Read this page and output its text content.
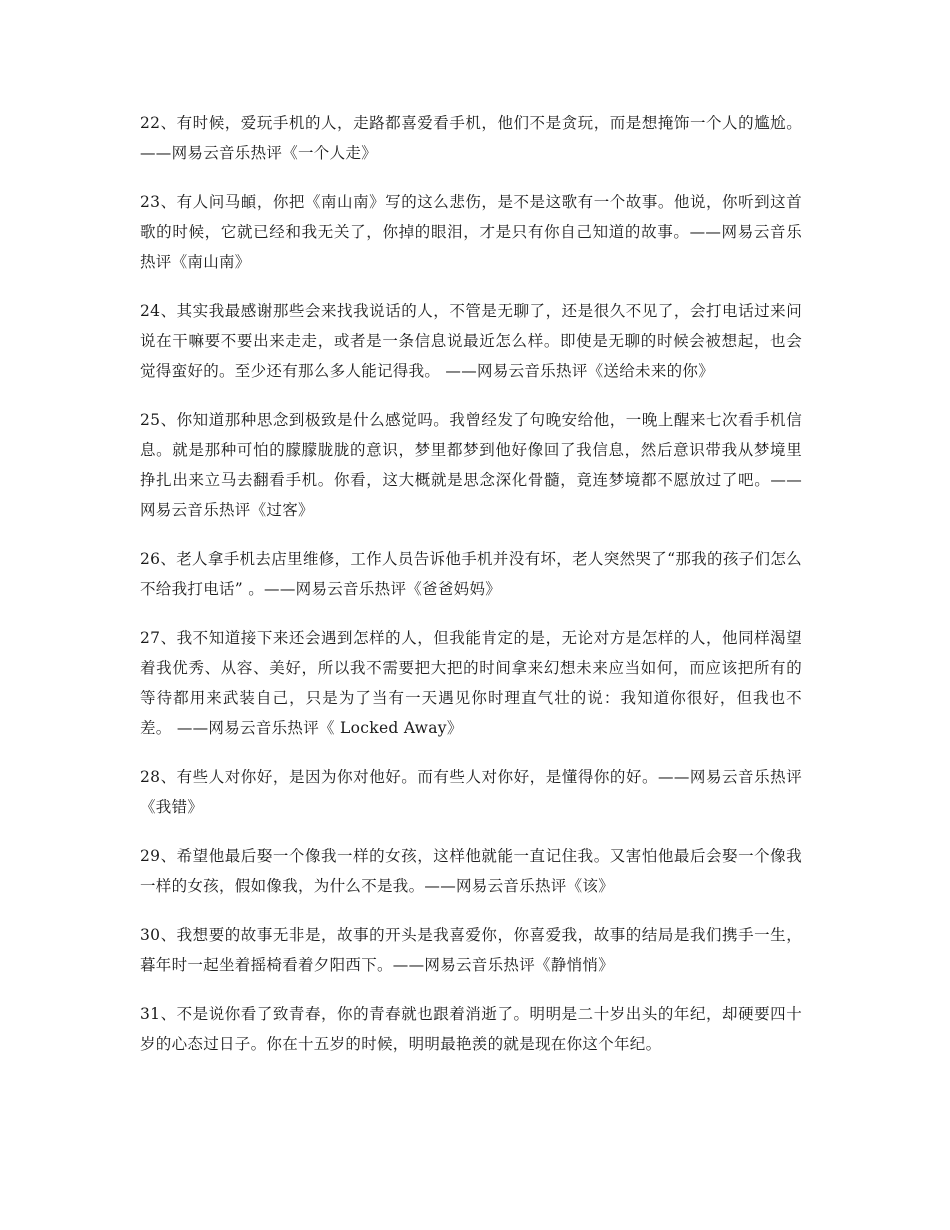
22、有时候，爱玩手机的人，走路都喜爱看手机，他们不是贪玩，而是想掩饰一个人的尴尬。——网易云音乐热评《一个人走》

23、有人问马頔，你把《南山南》写的这么悲伤，是不是这歌有一个故事。他说，你听到这首歌的时候，它就已经和我无关了，你掉的眼泪，才是只有你自己知道的故事。——网易云音乐热评《南山南》

24、其实我最感谢那些会来找我说话的人，不管是无聊了，还是很久不见了，会打电话过来问说在干嘛要不要出来走走，或者是一条信息说最近怎么样。即使是无聊的时候会被想起，也会觉得蛮好的。至少还有那么多人能记得我。 ——网易云音乐热评《送给未来的你》

25、你知道那种思念到极致是什么感觉吗。我曾经发了句晚安给他，一晚上醒来七次看手机信息。就是那种可怕的朦朦胧胧的意识，梦里都梦到他好像回了我信息，然后意识带我从梦境里挣扎出来立马去翻看手机。你看，这大概就是思念深化骨髓，竟连梦境都不愿放过了吧。——网易云音乐热评《过客》

26、老人拿手机去店里维修，工作人员告诉他手机并没有坏，老人突然哭了“那我的孩子们怎么不给我打电话” 。——网易云音乐热评《爸爸妈妈》

27、我不知道接下来还会遇到怎样的人，但我能肯定的是，无论对方是怎样的人，他同样渴望着我优秀、从容、美好，所以我不需要把大把的时间拿来幻想未来应当如何，而应该把所有的等待都用来武装自己，只是为了当有一天遇见你时理直气壮的说：我知道你很好，但我也不差。 ——网易云音乐热评《 Locked Away》

28、有些人对你好，是因为你对他好。而有些人对你好，是懂得你的好。——网易云音乐热评《我错》

29、希望他最后娶一个像我一样的女孩，这样他就能一直记住我。又害怕他最后会娶一个像我一样的女孩，假如像我，为什么不是我。——网易云音乐热评《该》

30、我想要的故事无非是，故事的开头是我喜爱你，你喜爱我，故事的结局是我们携手一生，暮年时一起坐着摇椅看着夕阳西下。——网易云音乐热评《静悄悄》

31、不是说你看了致青春，你的青春就也跟着消逝了。明明是二十岁出头的年纪，却硬要四十岁的心态过日子。你在十五岁的时候，明明最艳羡的就是现在你这个年纪。
